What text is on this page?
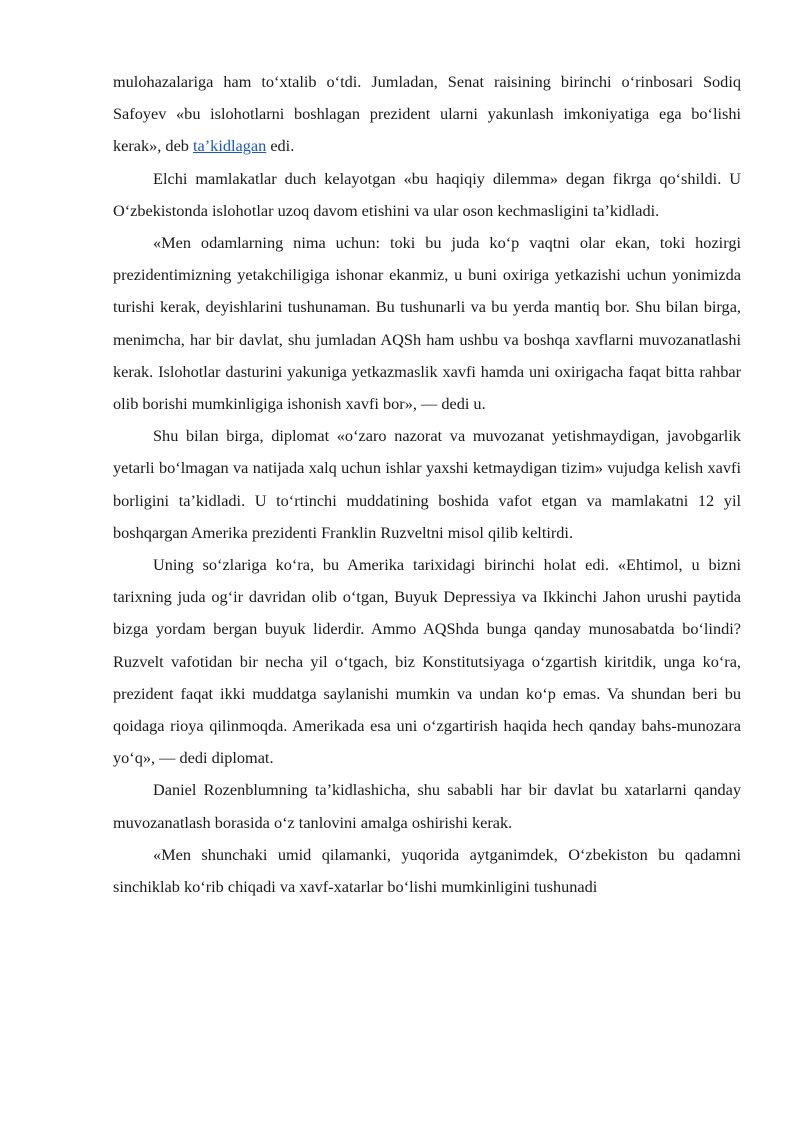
mulohazalariga ham to‘xtalib o‘tdi. Jumladan, Senat raisining birinchi o‘rinbosari Sodiq Safoyev «bu islohotlarni boshlagan prezident ularni yakunlash imkoniyatiga ega bo‘lishi kerak», deb ta’kidlagan edi.

Elchi mamlakatlar duch kelayotgan «bu haqiqiy dilemma» degan fikrga qo‘shildi. U O‘zbekistonda islohotlar uzoq davom etishini va ular oson kechmasligini ta’kidladi.

«Men odamlarning nima uchun: toki bu juda ko‘p vaqtni olar ekan, toki hozirgi prezidentimizning yetakchiligiga ishonar ekanmiz, u buni oxiriga yetkazishi uchun yonimizda turishi kerak, deyishlarini tushunaman. Bu tushunarli va bu yerda mantiq bor. Shu bilan birga, menimcha, har bir davlat, shu jumladan AQSh ham ushbu va boshqa xavflarni muvozanatlashi kerak. Islohotlar dasturini yakuniga yetkazmaslik xavfi hamda uni oxirigacha faqat bitta rahbar olib borishi mumkinligiga ishonish xavfi bor», — dedi u.

Shu bilan birga, diplomat «o‘zaro nazorat va muvozanat yetishmaydigan, javobgarlik yetarli bo‘lmagan va natijada xalq uchun ishlar yaxshi ketmaydigan tizim» vujudga kelish xavfi borligini ta’kidladi. U to‘rtinchi muddatining boshida vafot etgan va mamlakatni 12 yil boshqargan Amerika prezidenti Franklin Ruzveltni misol qilib keltirdi.

Uning so‘zlariga ko‘ra, bu Amerika tarixidagi birinchi holat edi. «Ehtimol, u bizni tarixning juda og‘ir davridan olib o‘tgan, Buyuk Depressiya va Ikkinchi Jahon urushi paytida bizga yordam bergan buyuk liderdir. Ammo AQShda bunga qanday munosabatda bo‘lindi? Ruzvelt vafotidan bir necha yil o‘tgach, biz Konstitutsiyaga o‘zgartish kiritdik, unga ko‘ra, prezident faqat ikki muddatga saylanishi mumkin va undan ko‘p emas. Va shundan beri bu qoidaga rioya qilinmoqda. Amerikada esa uni o‘zgartirish haqida hech qanday bahs-munozara yo‘q», — dedi diplomat.

Daniel Rozenblumning ta’kidlashicha, shu sababli har bir davlat bu xatarlarni qanday muvozanatlash borasida o‘z tanlovini amalga oshirishi kerak.

«Men shunchaki umid qilamanki, yuqorida aytganimdek, O‘zbekiston bu qadamni sinchiklab ko‘rib chiqadi va xavf-xatarlar bo‘lishi mumkinligini tushunadi
